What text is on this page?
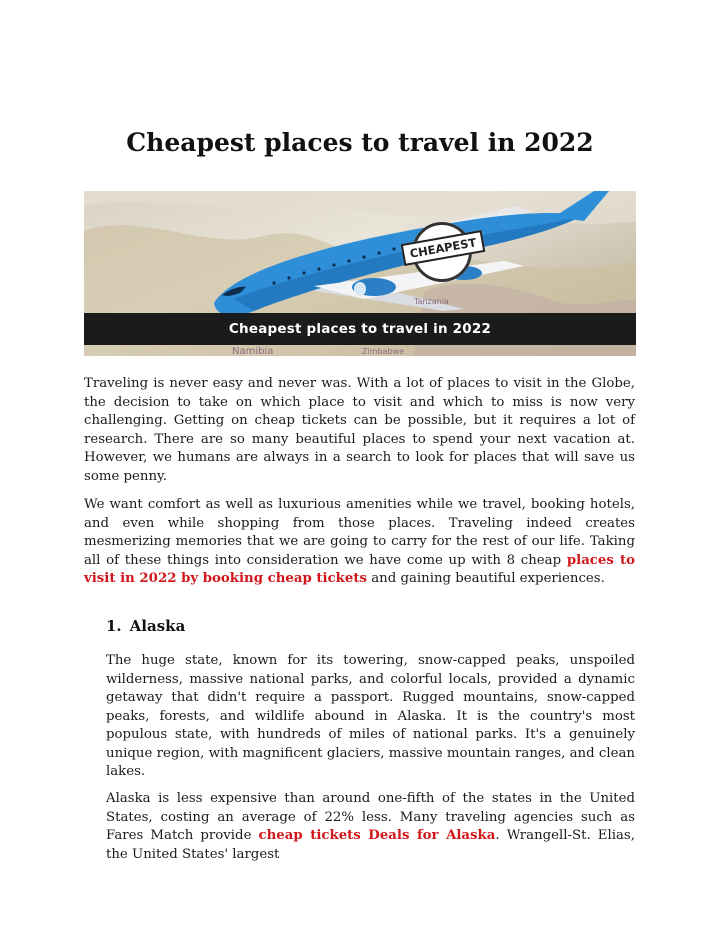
Cheapest places to travel in 2022
Namibia
Tanzania
Zimbabwe
CHEAPEST
Cheapest places to travel in 2022

Traveling is never easy and never was. With a lot of places to visit in the Globe, the decision to take on which place to visit and which to miss is now very challenging. Getting on cheap tickets can be possible, but it requires a lot of research. There are so many beautiful places to spend your next vacation at. However, we humans are always in a search to look for places that will save us some penny.

We want comfort as well as luxurious amenities while we travel, booking hotels, and even while shopping from those places. Traveling indeed creates mesmerizing memories that we are going to carry for the rest of our life. Taking all of these things into consideration we have come up with 8 cheap places to visit in 2022 by booking cheap tickets and gaining beautiful experiences.

1. Alaska

The huge state, known for its towering, snow-capped peaks, unspoiled wilderness, massive national parks, and colorful locals, provided a dynamic getaway that didn't require a passport. Rugged mountains, snow-capped peaks, forests, and wildlife abound in Alaska. It is the country's most populous state, with hundreds of miles of national parks. It's a genuinely unique region, with magnificent glaciers, massive mountain ranges, and clean lakes.

Alaska is less expensive than around one-fifth of the states in the United States, costing an average of 22% less. Many traveling agencies such as Fares Match provide cheap tickets Deals for Alaska. Wrangell-St. Elias, the United States' largest
